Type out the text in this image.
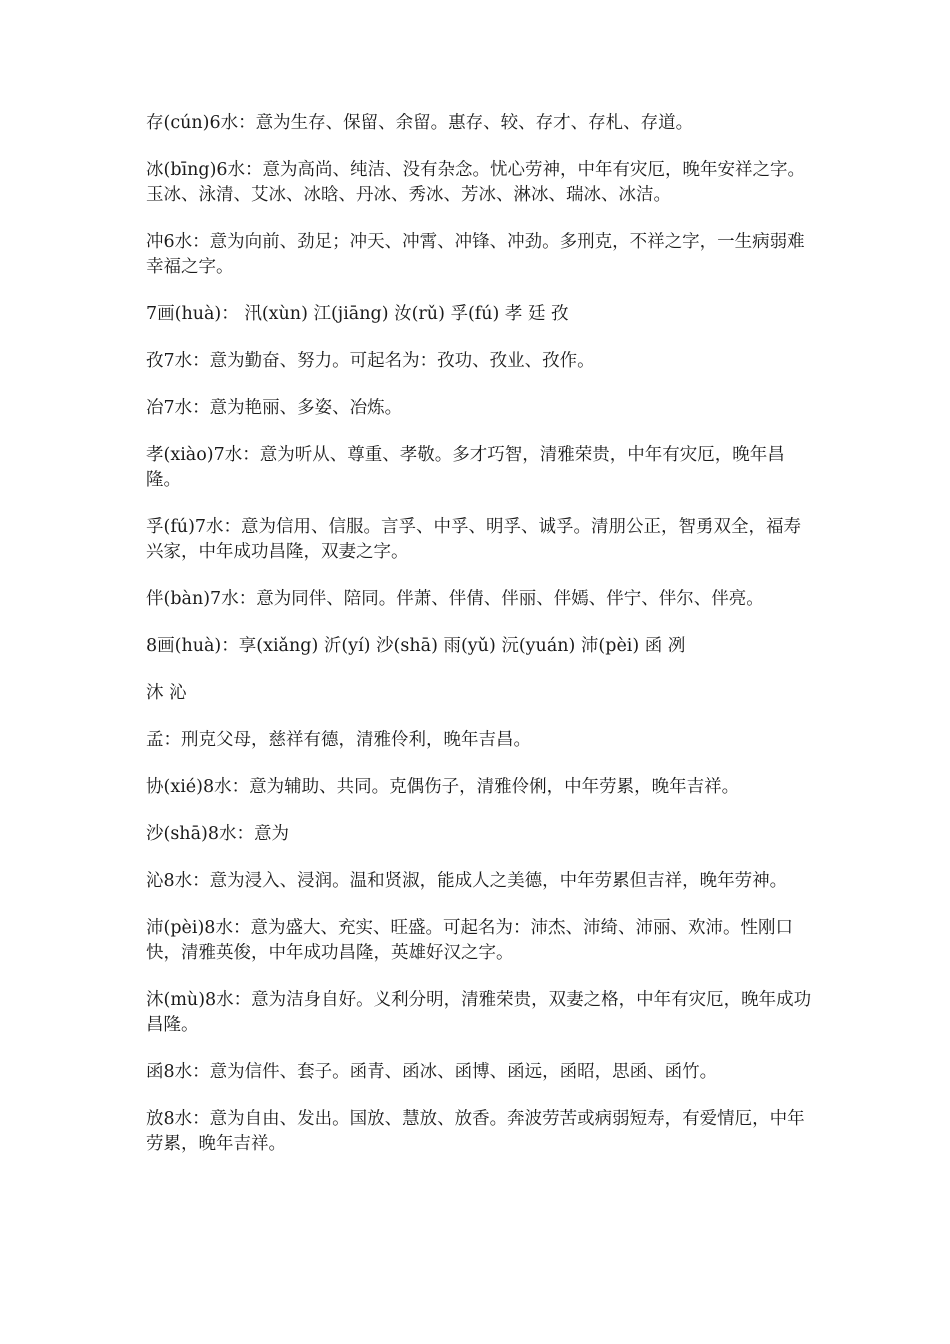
存(cún)6水：意为生存、保留、余留。惠存、较、存才、存札、存道。

冰(bīng)6水：意为高尚、纯洁、没有杂念。忧心劳神，中年有灾厄，晚年安祥之字。玉冰、泳清、艾冰、冰晗、丹冰、秀冰、芳冰、淋冰、瑞冰、冰洁。

冲6水：意为向前、劲足；冲天、冲霄、冲锋、冲劲。多刑克，不祥之字，一生病弱难幸福之字。

7画(huà)： 汛(xùn) 江(jiāng) 汝(rǔ) 孚(fú) 孝 廷 孜

孜7水：意为勤奋、努力。可起名为：孜功、孜业、孜作。

冶7水：意为艳丽、多姿、冶炼。

孝(xiào)7水：意为听从、尊重、孝敬。多才巧智，清雅荣贵，中年有灾厄，晚年昌隆。

孚(fú)7水：意为信用、信服。言孚、中孚、明孚、诚孚。清朋公正，智勇双全，福寿兴家，中年成功昌隆，双妻之字。

伴(bàn)7水：意为同伴、陪同。伴萧、伴倩、伴丽、伴嫣、伴宁、伴尔、伴亮。

8画(huà)：享(xiǎng) 沂(yí) 沙(shā) 雨(yǔ) 沅(yuán) 沛(pèi) 函 冽

沐 沁

孟：刑克父母，慈祥有德，清雅伶利，晚年吉昌。

协(xié)8水：意为辅助、共同。克偶伤子，清雅伶俐，中年劳累，晚年吉祥。

沙(shā)8水：意为

沁8水：意为浸入、浸润。温和贤淑，能成人之美德，中年劳累但吉祥，晚年劳神。

沛(pèi)8水：意为盛大、充实、旺盛。可起名为：沛杰、沛绮、沛丽、欢沛。性刚口快，清雅英俊，中年成功昌隆，英雄好汉之字。

沐(mù)8水：意为洁身自好。义利分明，清雅荣贵，双妻之格，中年有灾厄，晚年成功昌隆。

函8水：意为信件、套子。函青、函冰、函博、函远，函昭，思函、函竹。

放8水：意为自由、发出。国放、慧放、放香。奔波劳苦或病弱短寿，有爱情厄，中年劳累，晚年吉祥。
